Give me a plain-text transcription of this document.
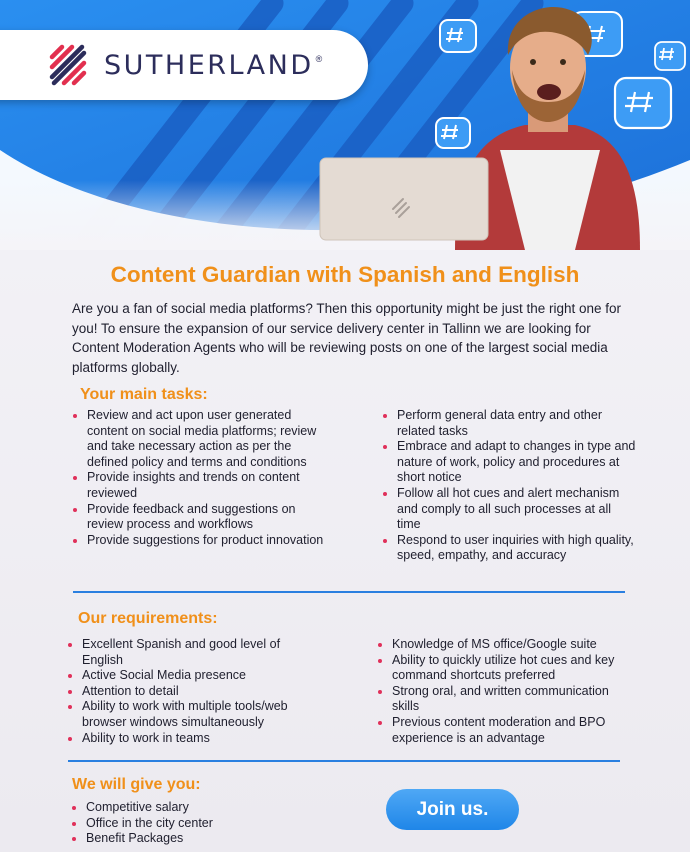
SUTHERLAND ®
Content Guardian with Spanish and English

Are you a fan of social media platforms? Then this opportunity might be just the right one for you! To ensure the expansion of our service delivery center in Tallinn we are looking for Content Moderation Agents who will be reviewing posts on one of the largest social media platforms globally.

Your main tasks:
Review and act upon user generated content on social media platforms; review and take necessary action as per the defined policy and terms and conditions
Provide insights and trends on content reviewed
Provide feedback and suggestions on review process and workflows
Provide suggestions for product innovation
Perform general data entry and other related tasks
Embrace and adapt to changes in type and nature of work, policy and procedures at short notice
Follow all hot cues and alert mechanism and comply to all such processes at all time
Respond to user inquiries with high quality, speed, empathy, and accuracy
Our requirements:
Excellent Spanish and good level of English
Active Social Media presence
Attention to detail
Ability to work with multiple tools/web browser windows simultaneously
Ability to work in teams
Knowledge of MS office/Google suite
Ability to quickly utilize hot cues and key command shortcuts preferred
Strong oral, and written communication skills
Previous content moderation and BPO experience is an advantage
We will give you:
Competitive salary
Office in the city center
Benefit Packages
Join us.
